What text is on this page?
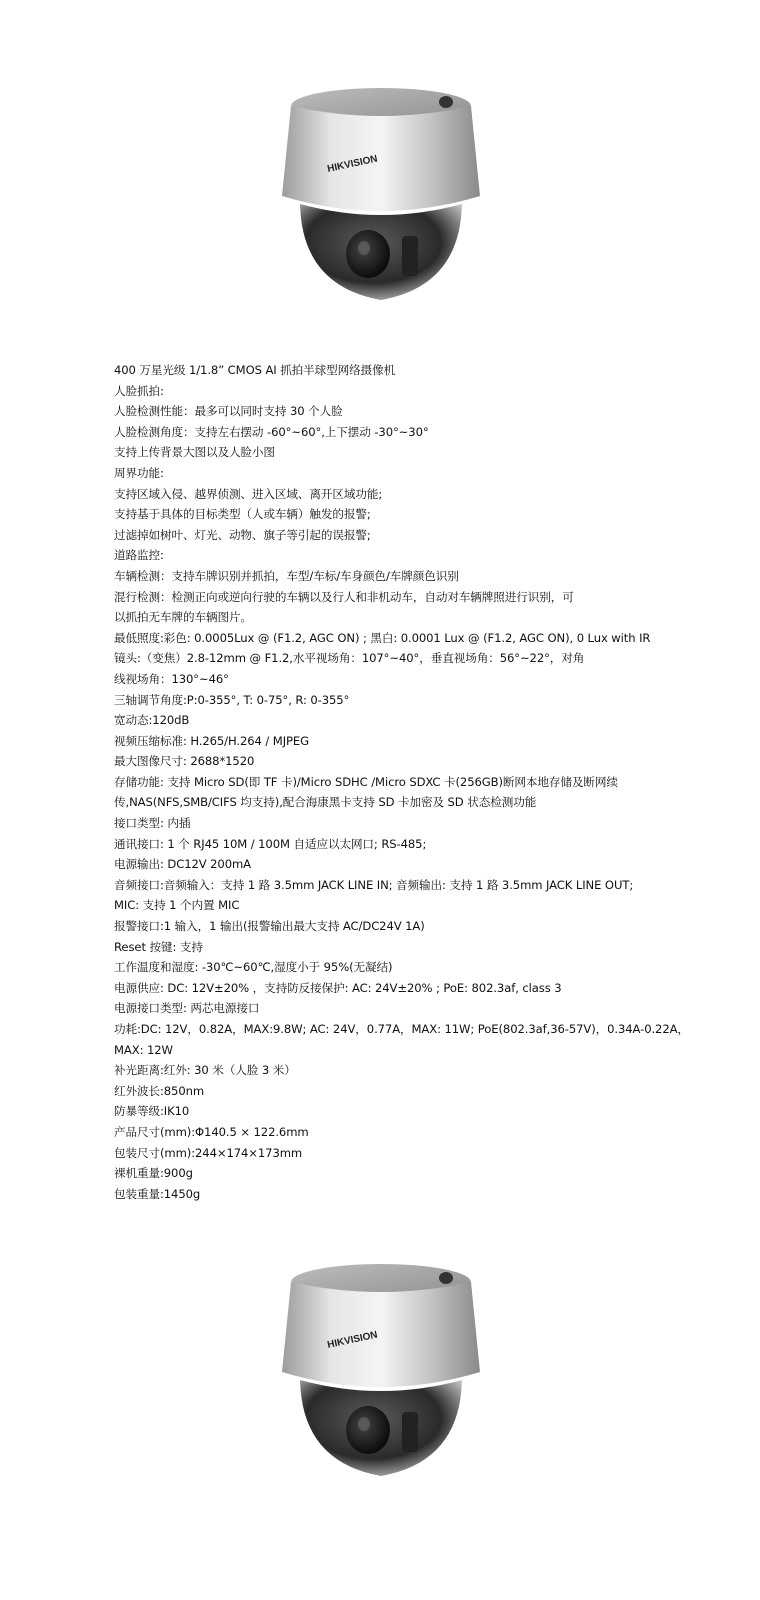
HIKVISION
400 万星光级 1/1.8” CMOS AI 抓拍半球型网络摄像机
人脸抓拍:
人脸检测性能：最多可以同时支持 30 个人脸
人脸检测角度：支持左右摆动 -60°~60°,上下摆动 -30°~30°
支持上传背景大图以及人脸小图
周界功能:
支持区域入侵、越界侦测、进入区域、离开区域功能;
支持基于具体的目标类型（人或车辆）触发的报警;
过滤掉如树叶、灯光、动物、旗子等引起的误报警;
道路监控:
车辆检测：支持车牌识别并抓拍，车型/车标/车身颜色/车牌颜色识别
混行检测：检测正向或逆向行驶的车辆以及行人和非机动车，自动对车辆牌照进行识别，可
以抓拍无车牌的车辆图片。
最低照度:彩色: 0.0005Lux @ (F1.2, AGC ON) ; 黑白: 0.0001 Lux @ (F1.2, AGC ON), 0 Lux with IR
镜头:（变焦）2.8-12mm @ F1.2,水平视场角：107°~40°，垂直视场角：56°~22°，对角
线视场角：130°~46°
三轴调节角度:P:0-355°, T: 0-75°, R: 0-355°
宽动态:120dB
视频压缩标准: H.265/H.264 / MJPEG
最大图像尺寸: 2688*1520
存储功能: 支持 Micro SD(即 TF 卡)/Micro SDHC /Micro SDXC 卡(256GB)断网本地存储及断网续
传,NAS(NFS,SMB/CIFS 均支持),配合海康黑卡支持 SD 卡加密及 SD 状态检测功能
接口类型: 内插
通讯接口: 1 个 RJ45 10M / 100M 自适应以太网口; RS-485;
电源输出: DC12V 200mA
音频接口:音频输入：支持 1 路 3.5mm JACK LINE IN; 音频输出: 支持 1 路 3.5mm JACK LINE OUT;
MIC: 支持 1 个内置 MIC
报警接口:1 输入，1 输出(报警输出最大支持 AC/DC24V 1A)
Reset 按键: 支持
工作温度和湿度: -30℃~60℃,湿度小于 95%(无凝结)
电源供应: DC: 12V±20% ，支持防反接保护: AC: 24V±20% ; PoE: 802.3af, class 3
电源接口类型: 两芯电源接口
功耗:DC: 12V，0.82A，MAX:9.8W; AC: 24V，0.77A，MAX: 11W; PoE(802.3af,36-57V)，0.34A-0.22A，
MAX: 12W
补光距离:红外: 30 米（人脸 3 米）
红外波长:850nm
防暴等级:IK10
产品尺寸(mm):Φ140.5 × 122.6mm
包装尺寸(mm):244×174×173mm
裸机重量:900g
包装重量:1450g
HIKVISION
